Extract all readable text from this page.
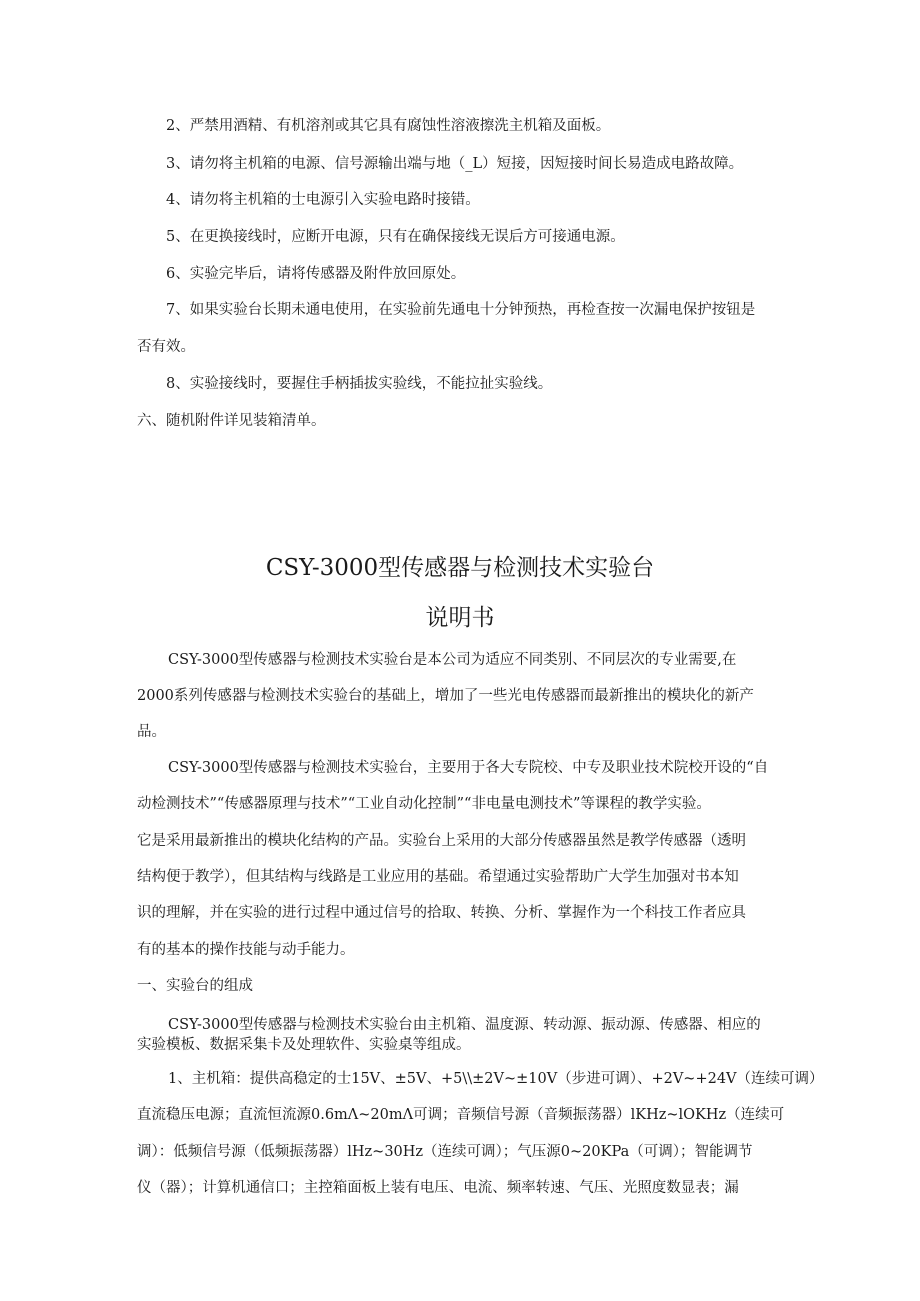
2、严禁用酒精、有机溶剂或其它具有腐蚀性溶液擦洗主机箱及面板。

3、请勿将主机箱的电源、信号源输出端与地（_L）短接，因短接时间长易造成电路故障。

4、请勿将主机箱的士电源引入实验电路时接错。

5、在更换接线时，应断开电源，只有在确保接线无误后方可接通电源。

6、实验完毕后，请将传感器及附件放回原处。

7、如果实验台长期未通电使用，在实验前先通电十分钟预热，再检查按一次漏电保护按钮是

否有效。

8、实验接线时，要握住手柄插拔实验线，不能拉扯实验线。

六、随机附件详见装箱清单。

CSY-3000型传感器与检测技术实验台
说明书

CSY-3000型传感器与检测技术实验台是本公司为适应不同类别、不同层次的专业需要,在

2000系列传感器与检测技术实验台的基础上，增加了一些光电传感器而最新推出的模块化的新产

品。

CSY-3000型传感器与检测技术实验台，主要用于各大专院校、中专及职业技术院校开设的“自

动检测技术”“传感器原理与技术”“工业自动化控制”“非电量电测技术”等课程的教学实验。

它是采用最新推出的模块化结构的产品。实验台上采用的大部分传感器虽然是教学传感器（透明

结构便于教学），但其结构与线路是工业应用的基础。希望通过实验帮助广大学生加强对书本知

识的理解，并在实验的进行过程中通过信号的拾取、转换、分析、掌握作为一个科技工作者应具

有的基本的操作技能与动手能力。

一、实验台的组成

CSY-3000型传感器与检测技术实验台由主机箱、温度源、转动源、振动源、传感器、相应的

实验模板、数据采集卡及处理软件、实验桌等组成。

1、主机箱：提供高稳定的士15V、±5V、+5\\±2V~±10V（步进可调）、+2V~+24V（连续可调）

直流稳压电源；直流恒流源0.6mΛ~20mΛ可调；音频信号源（音频振荡器）lKHz~lOKHz（连续可

调）：低频信号源（低频振荡器）lHz~30Hz（连续可调）；气压源0~20KPa（可调）；智能调节

仪（器）；计算机通信口；主控箱面板上装有电压、电流、频率转速、气压、光照度数显表；漏
